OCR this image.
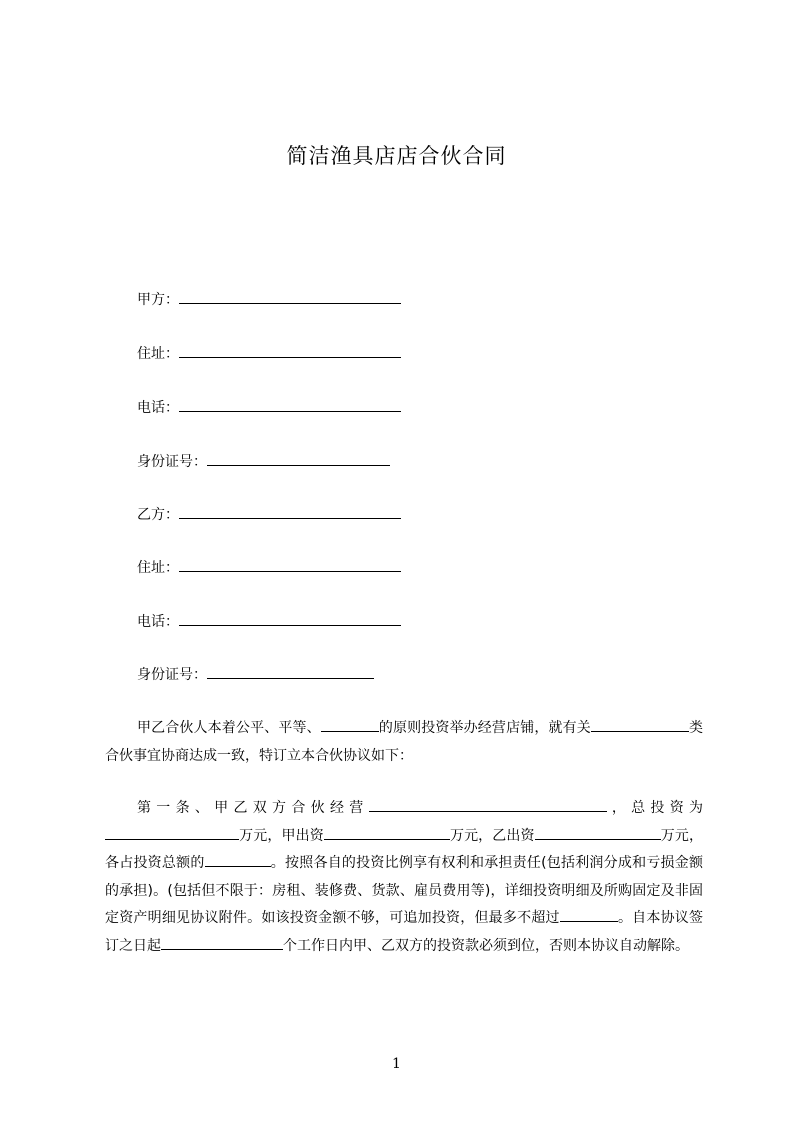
简洁渔具店店合伙合同
甲方：
住址：
电话：
身份证号：
乙方：
住址：
电话：
身份证号：
甲乙合伙人本着公平、平等、	的原则投资举办经营店铺，就有关	类合伙事宜协商达成一致，特订立本合伙协议如下：
第一条、甲乙双方合伙经营	，总投资为万元，甲出资	万元，乙出资	万元，各占投资总额的	。按照各自的投资比例享有权利和承担责任(包括利润分成和亏损金额的承担)。(包括但不限于：房租、装修费、货款、雇员费用等)，详细投资明细及所购固定及非固定资产明细见协议附件。如该投资金额不够，可追加投资，但最多不超过	。自本协议签订之日起	个工作日内甲、乙双方的投资款必须到位，否则本协议自动解除。
1
